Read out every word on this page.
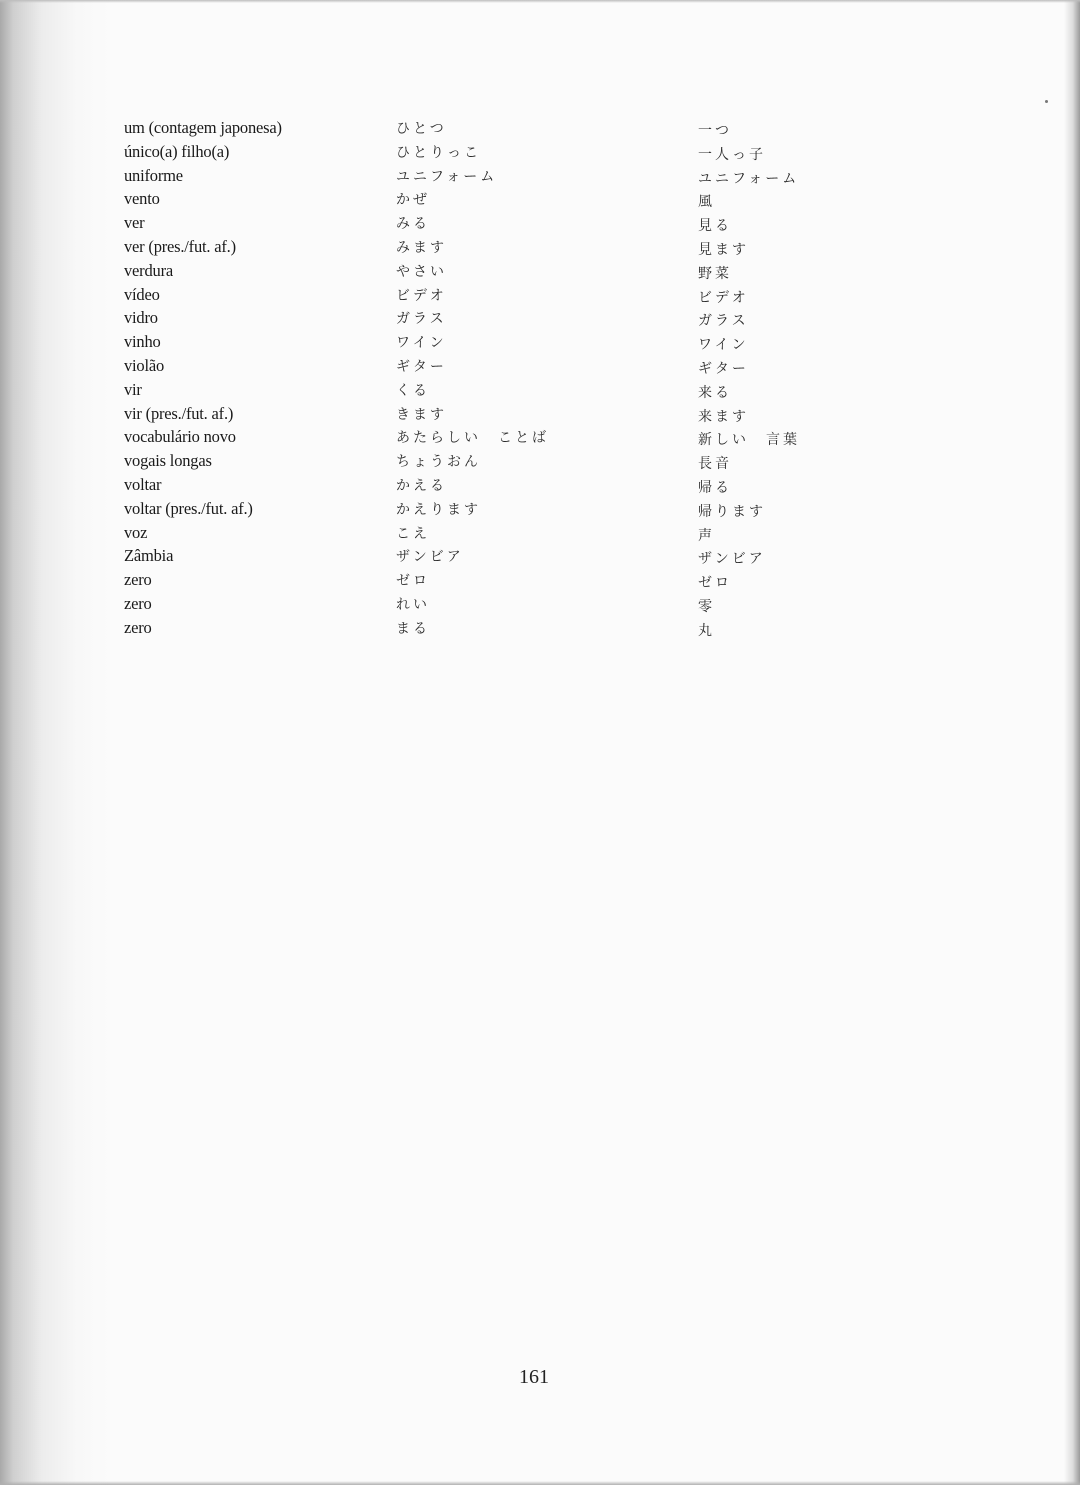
um (contagem japonesa)	ひとつ	一つ
único(a) filho(a)	ひとりっこ	一人っ子
uniforme	ユニフォーム	ユニフォーム
vento	かぜ	風
ver	みる	見る
ver (pres./fut. af.)	みます	見ます
verdura	やさい	野菜
vídeo	ビデオ	ビデオ
vidro	ガラス	ガラス
vinho	ワイン	ワイン
violão	ギター	ギター
vir	くる	来る
vir (pres./fut. af.)	きます	来ます
vocabulário novo	あたらしい　ことば	新しい　言葉
vogais longas	ちょうおん	長音
voltar	かえる	帰る
voltar (pres./fut. af.)	かえります	帰ります
voz	こえ	声
Zâmbia	ザンビア	ザンビア
zero	ゼロ	ゼロ
zero	れい	零
zero	まる	丸
161
